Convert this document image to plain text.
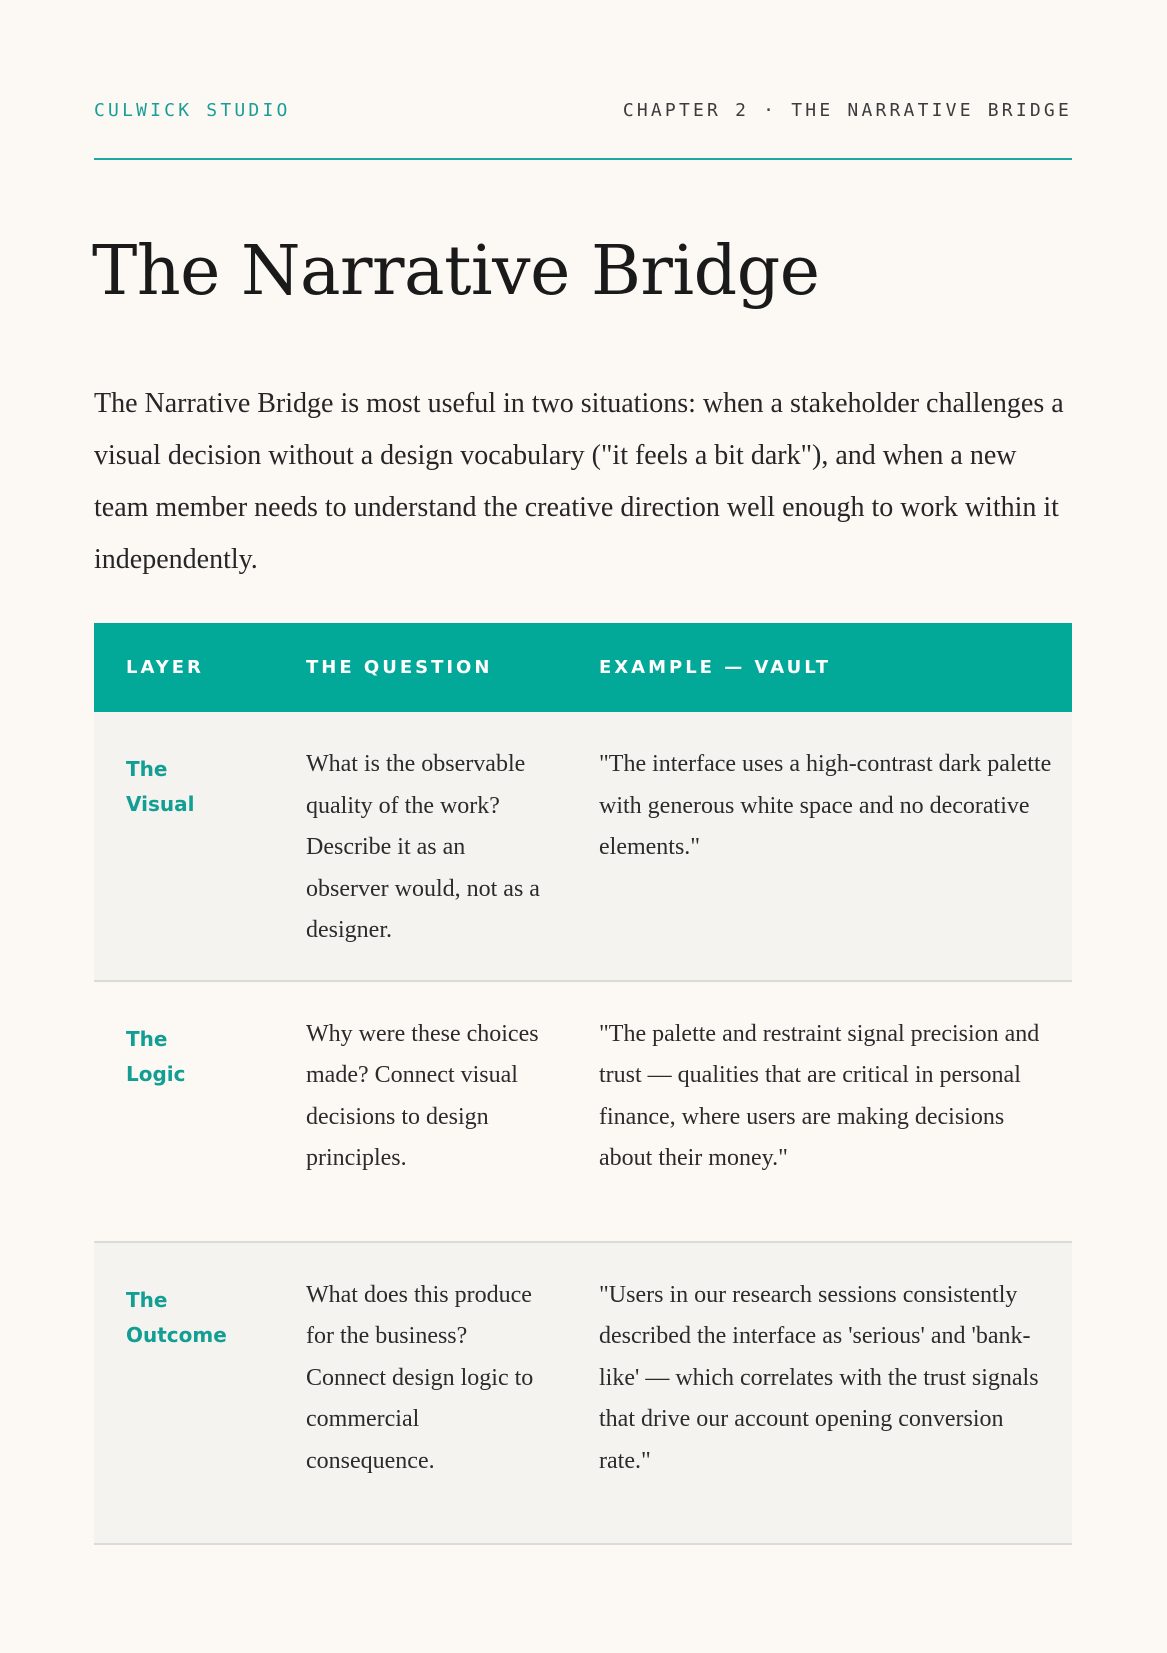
CULWICK STUDIO	CHAPTER 2 · THE NARRATIVE BRIDGE
The Narrative Bridge

The Narrative Bridge is most useful in two situations: when a stakeholder challenges a visual decision without a design vocabulary ("it feels a bit dark"), and when a new team member needs to understand the creative direction well enough to work within it independently.

LAYER	THE QUESTION	EXAMPLE — VAULT

The
Visual	What is the observable quality of the work? Describe it as an observer would, not as a designer.	"The interface uses a high-contrast dark palette with generous white space and no decorative elements."

The
Logic	Why were these choices made? Connect visual decisions to design principles.	"The palette and restraint signal precision and trust — qualities that are critical in personal finance, where users are making decisions about their money."

The
Outcome	What does this produce for the business? Connect design logic to commercial consequence.	"Users in our research sessions consistently described the interface as 'serious' and 'bank-like' — which correlates with the trust signals that drive our account opening conversion rate."
